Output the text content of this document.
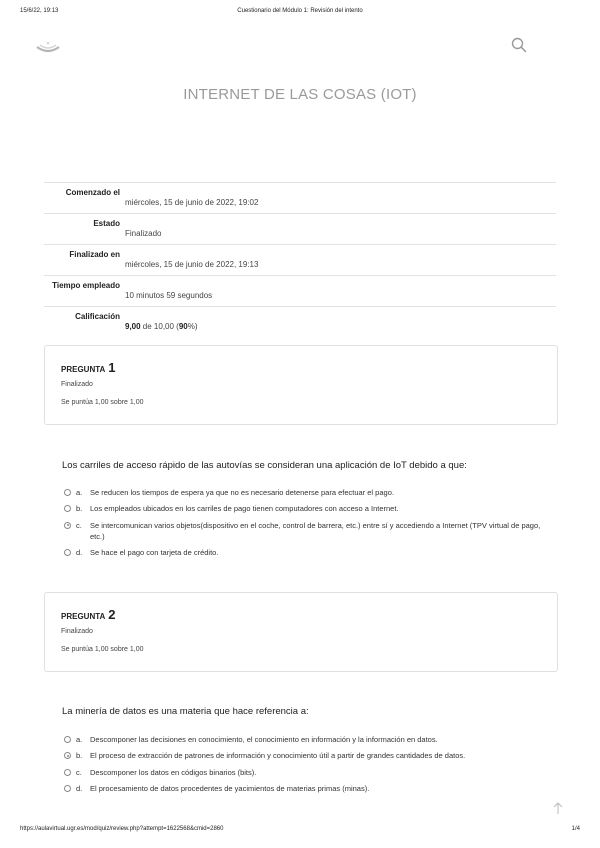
15/6/22, 19:13	Cuestionario del Módulo 1: Revisión del intento
INTERNET DE LAS COSAS (IOT)
Comenzado el
miércoles, 15 de junio de 2022, 19:02
Estado
Finalizado
Finalizado en
miércoles, 15 de junio de 2022, 19:13
Tiempo empleado
10 minutos 59 segundos
Calificación
9,00 de 10,00 (90%)
PREGUNTA 1
Finalizado
Se puntúa 1,00 sobre 1,00
Los carriles de acceso rápido de las autovías se consideran una aplicación de IoT debido a que:
a.	Se reducen los tiempos de espera ya que no es necesario detenerse para efectuar el pago.
b.	Los empleados ubicados en los carriles de pago tienen computadores con acceso a Internet.
c.	Se intercomunican varios objetos(dispositivo en el coche, control de barrera, etc.) entre sí y accediendo a Internet (TPV virtual de pago, etc.)
d.	Se hace el pago con tarjeta de crédito.
PREGUNTA 2
Finalizado
Se puntúa 1,00 sobre 1,00
La minería de datos es una materia que hace referencia a:
a.	Descomponer las decisiones en conocimiento, el conocimiento en información y la información en datos.
b.	El proceso de extracción de patrones de información y conocimiento útil a partir de grandes cantidades de datos.
c.	Descomponer los datos en códigos binarios (bits).
d.	El procesamiento de datos procedentes de yacimientos de materias primas (minas).
https://aulavirtual.ugr.es/mod/quiz/review.php?attempt=1622568&cmid=2860	1/4
